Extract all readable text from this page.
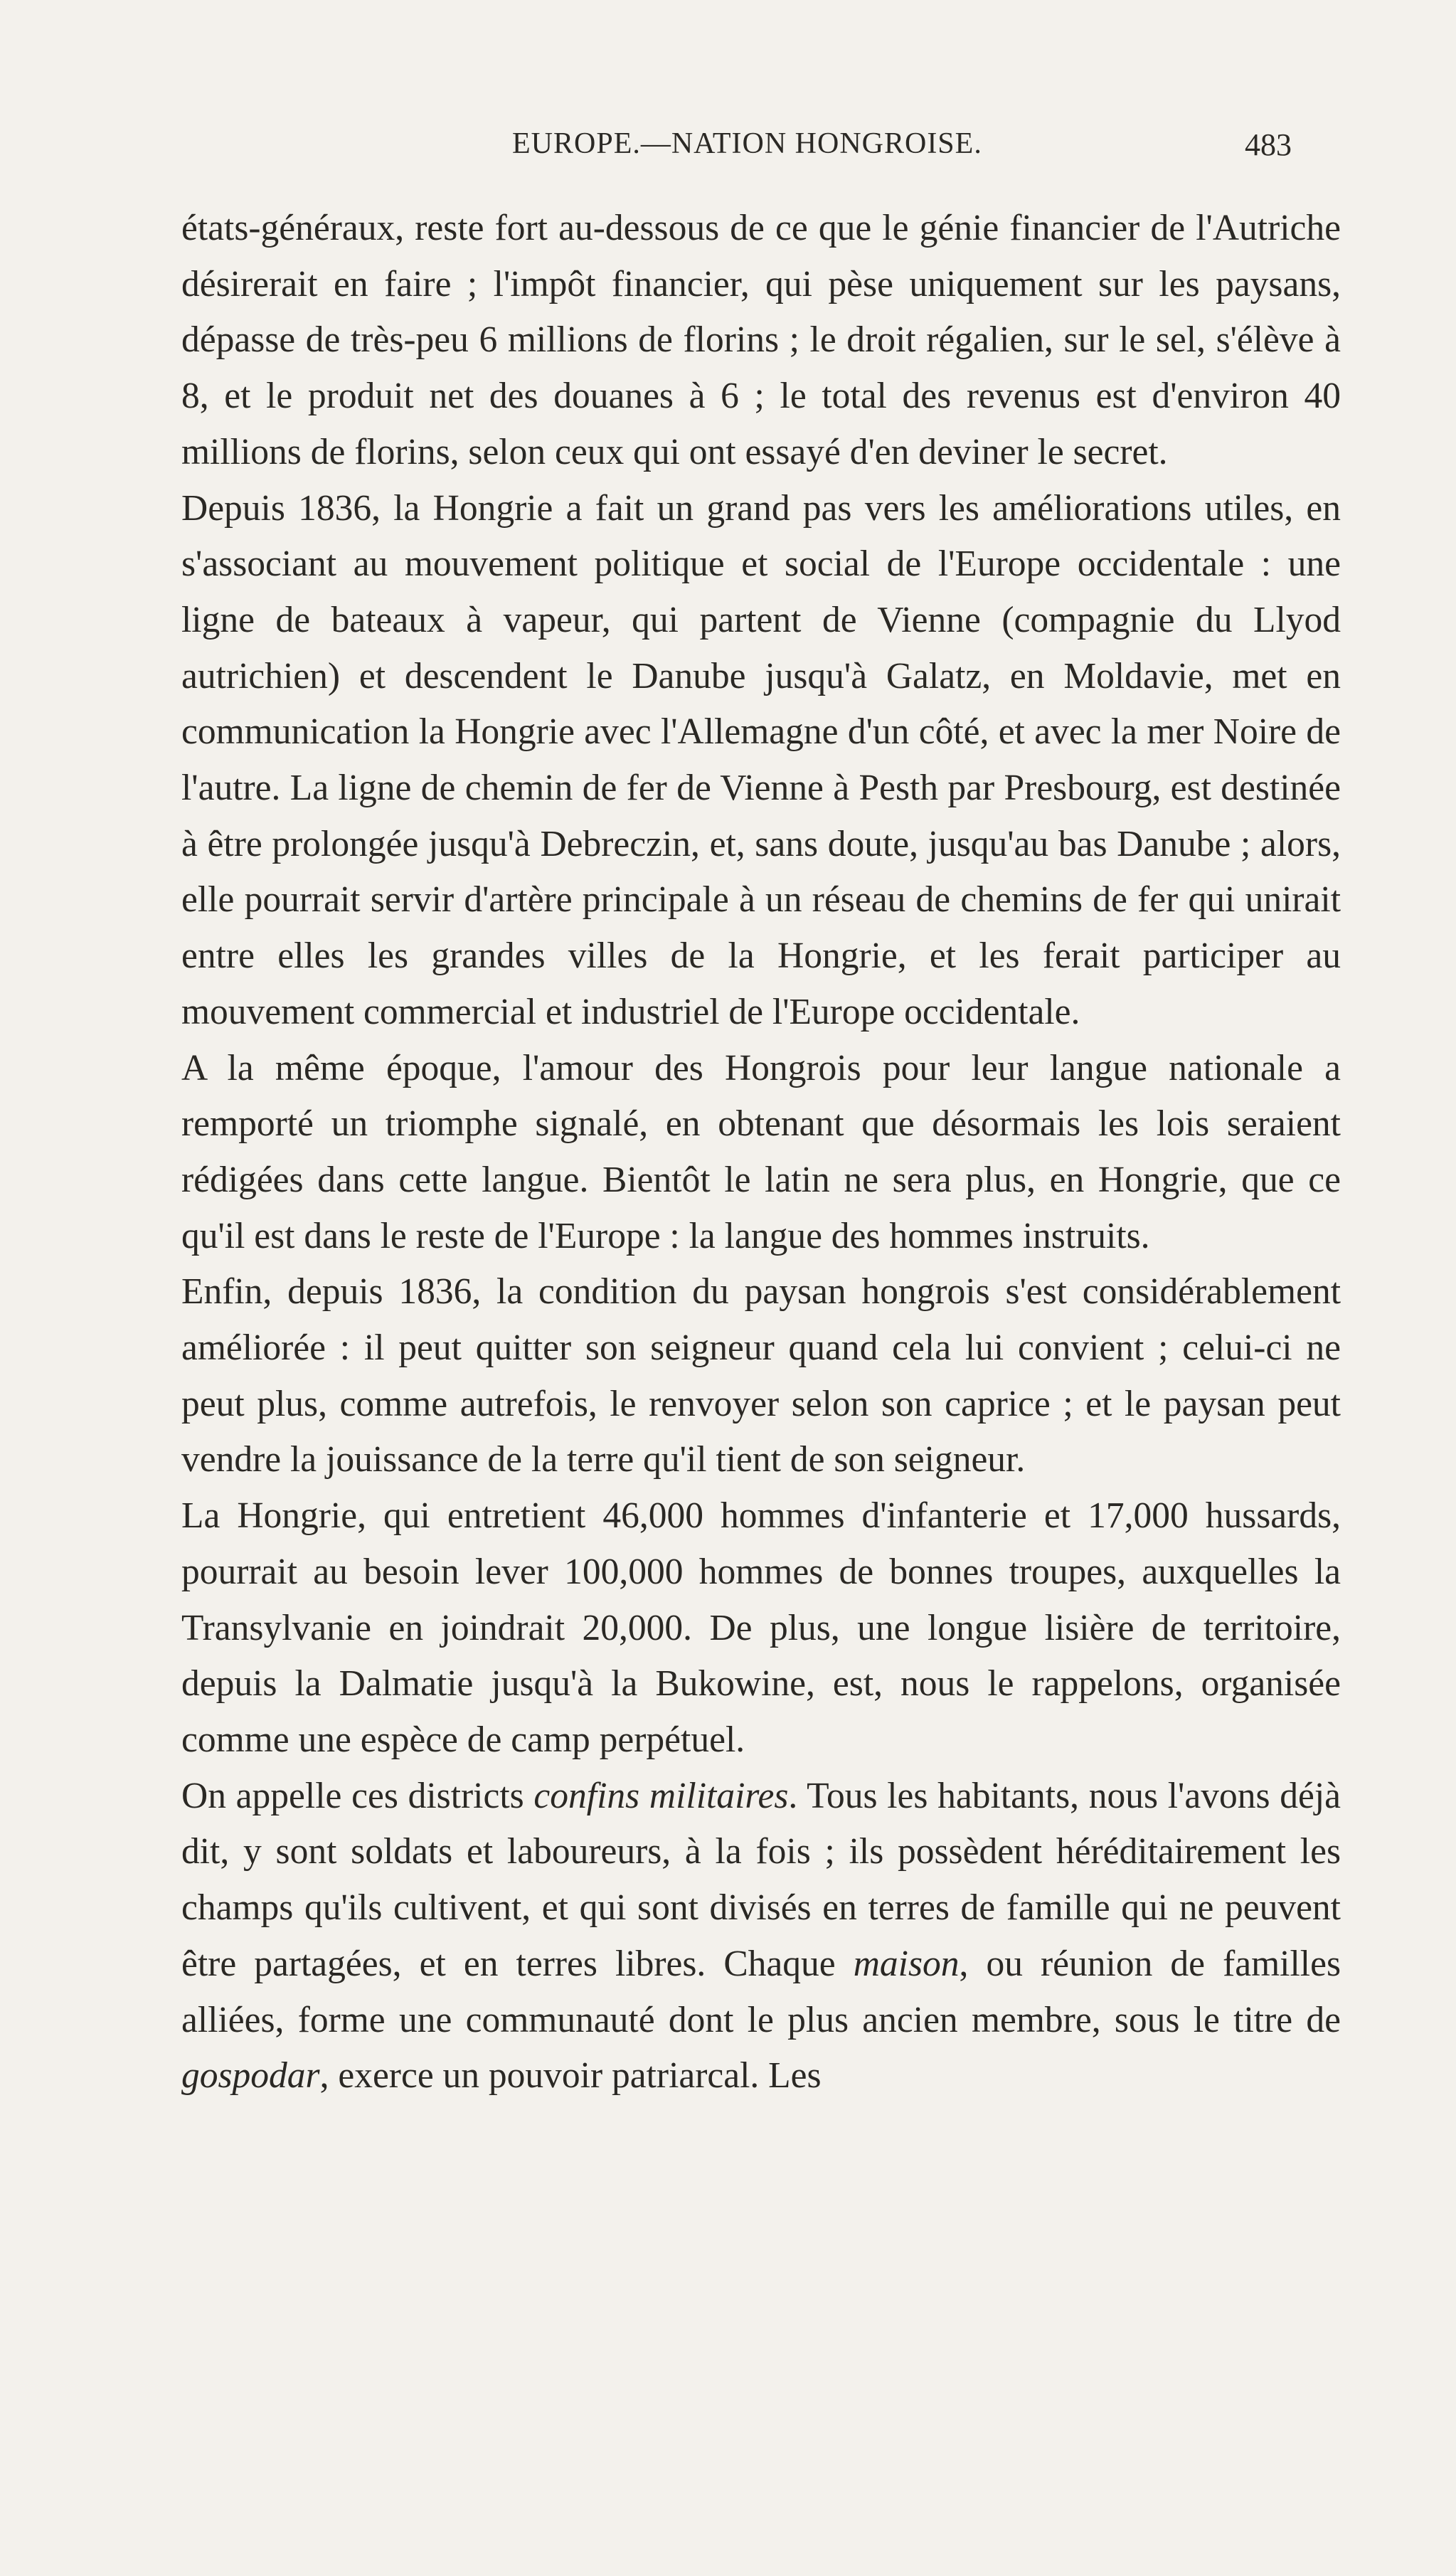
EUROPE.—NATION HONGROISE.	483

états-généraux, reste fort au-dessous de ce que le génie financier de l'Autriche désirerait en faire ; l'impôt financier, qui pèse uniquement sur les paysans, dépasse de très-peu 6 millions de florins ; le droit régalien, sur le sel, s'élève à 8, et le produit net des douanes à 6 ; le total des revenus est d'environ 40 millions de florins, selon ceux qui ont essayé d'en deviner le secret.

Depuis 1836, la Hongrie a fait un grand pas vers les améliorations utiles, en s'associant au mouvement politique et social de l'Europe occidentale : une ligne de bateaux à vapeur, qui partent de Vienne (compagnie du Llyod autrichien) et descendent le Danube jusqu'à Galatz, en Moldavie, met en communication la Hongrie avec l'Allemagne d'un côté, et avec la mer Noire de l'autre. La ligne de chemin de fer de Vienne à Pesth par Presbourg, est destinée à être prolongée jusqu'à Debreczin, et, sans doute, jusqu'au bas Danube ; alors, elle pourrait servir d'artère principale à un réseau de chemins de fer qui unirait entre elles les grandes villes de la Hongrie, et les ferait participer au mouvement commercial et industriel de l'Europe occidentale.

A la même époque, l'amour des Hongrois pour leur langue nationale a remporté un triomphe signalé, en obtenant que désormais les lois seraient rédigées dans cette langue. Bientôt le latin ne sera plus, en Hongrie, que ce qu'il est dans le reste de l'Europe : la langue des hommes instruits.

Enfin, depuis 1836, la condition du paysan hongrois s'est considérablement améliorée : il peut quitter son seigneur quand cela lui convient ; celui-ci ne peut plus, comme autrefois, le renvoyer selon son caprice ; et le paysan peut vendre la jouissance de la terre qu'il tient de son seigneur.

La Hongrie, qui entretient 46,000 hommes d'infanterie et 17,000 hussards, pourrait au besoin lever 100,000 hommes de bonnes troupes, auxquelles la Transylvanie en joindrait 20,000. De plus, une longue lisière de territoire, depuis la Dalmatie jusqu'à la Bukowine, est, nous le rappelons, organisée comme une espèce de camp perpétuel.

On appelle ces districts confins militaires. Tous les habitants, nous l'avons déjà dit, y sont soldats et laboureurs, à la fois ; ils possèdent héréditairement les champs qu'ils cultivent, et qui sont divisés en terres de famille qui ne peuvent être partagées, et en terres libres. Chaque maison, ou réunion de familles alliées, forme une communauté dont le plus ancien membre, sous le titre de gospodar, exerce un pouvoir patriarcal. Les
